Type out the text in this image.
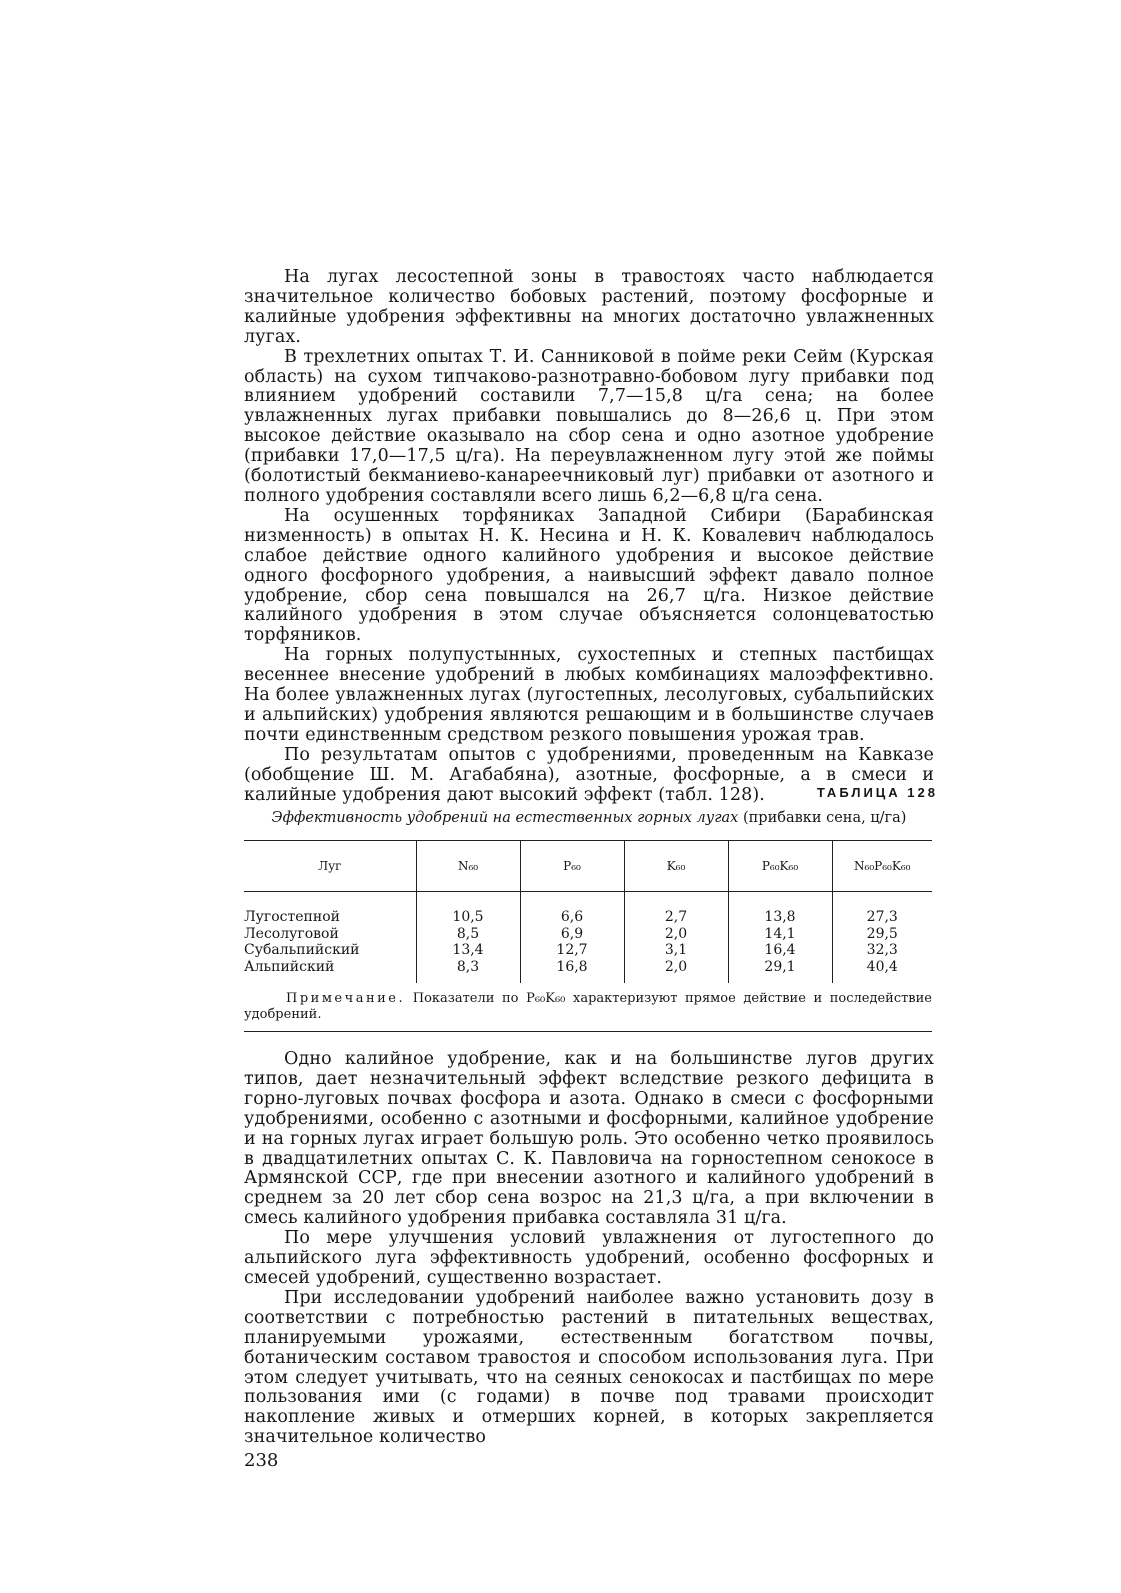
На лугах лесостепной зоны в травостоях часто наблюдается значительное количество бобовых растений, поэтому фосфорные и калийные удобрения эффективны на многих достаточно увлажненных лугах.

В трехлетних опытах Т. И. Санниковой в пойме реки Сейм (Курская область) на сухом типчаково-разнотравно-бобовом лугу прибавки под влиянием удобрений составили 7,7—15,8 ц/га сена; на более увлажненных лугах прибавки повышались до 8—26,6 ц. При этом высокое действие оказывало на сбор сена и одно азотное удобрение (прибавки 17,0—17,5 ц/га). На переувлажненном лугу этой же поймы (болотистый бекманиево-канареечниковый луг) прибавки от азотного и полного удобрения составляли всего лишь 6,2—6,8 ц/га сена.

На осушенных торфяниках Западной Сибири (Барабинская низменность) в опытах Н. К. Несина и Н. К. Ковалевич наблюдалось слабое действие одного калийного удобрения и высокое действие одного фосфорного удобрения, а наивысший эффект давало полное удобрение, сбор сена повышался на 26,7 ц/га. Низкое действие калийного удобрения в этом случае объясняется солонцеватостью торфяников.

На горных полупустынных, сухостепных и степных пастбищах весеннее внесение удобрений в любых комбинациях малоэффективно. На более увлажненных лугах (лугостепных, лесолуговых, субальпийских и альпийских) удобрения являются решающим и в большинстве случаев почти единственным средством резкого повышения урожая трав.

По результатам опытов с удобрениями, проведенным на Кавказе (обобщение Ш. М. Агабабяна), азотные, фосфорные, а в смеси и калийные удобрения дают высокий эффект (табл. 128).	ТАБЛИЦА 128
Эффективность удобрений на естественных горных лугах (прибавки сена, ц/га)
Луг	N₆₀	P₆₀	K₆₀	P₆₀K₆₀	N₆₀P₆₀K₆₀

Лугостепной	10,5	6,6	2,7	13,8	27,3
Лесолуговой	8,5	6,9	2,0	14,1	29,5
Субальпийский	13,4	12,7	3,1	16,4	32,3
Альпийский	8,3	16,8	2,0	29,1	40,4
Примечание. Показатели по P₆₀K₆₀ характеризуют прямое действие и последействие удобрений.

Одно калийное удобрение, как и на большинстве лугов других типов, дает незначительный эффект вследствие резкого дефицита в горно-луговых почвах фосфора и азота. Однако в смеси с фосфорными удобрениями, особенно с азотными и фосфорными, калийное удобрение и на горных лугах играет большую роль. Это особенно четко проявилось в двадцатилетних опытах С. К. Павловича на горностепном сенокосе в Армянской ССР, где при внесении азотного и калийного удобрений в среднем за 20 лет сбор сена возрос на 21,3 ц/га, а при включении в смесь калийного удобрения прибавка составляла 31 ц/га.

По мере улучшения условий увлажнения от лугостепного до альпийского луга эффективность удобрений, особенно фосфорных и смесей удобрений, существенно возрастает.

При исследовании удобрений наиболее важно установить дозу в соответствии с потребностью растений в питательных веществах, планируемыми урожаями, естественным богатством почвы, ботаническим составом травостоя и способом использования луга. При этом следует учитывать, что на сеяных сенокосах и пастбищах по мере пользования ими (с годами) в почве под травами происходит накопление живых и отмерших корней, в которых закрепляется значительное количество

238
